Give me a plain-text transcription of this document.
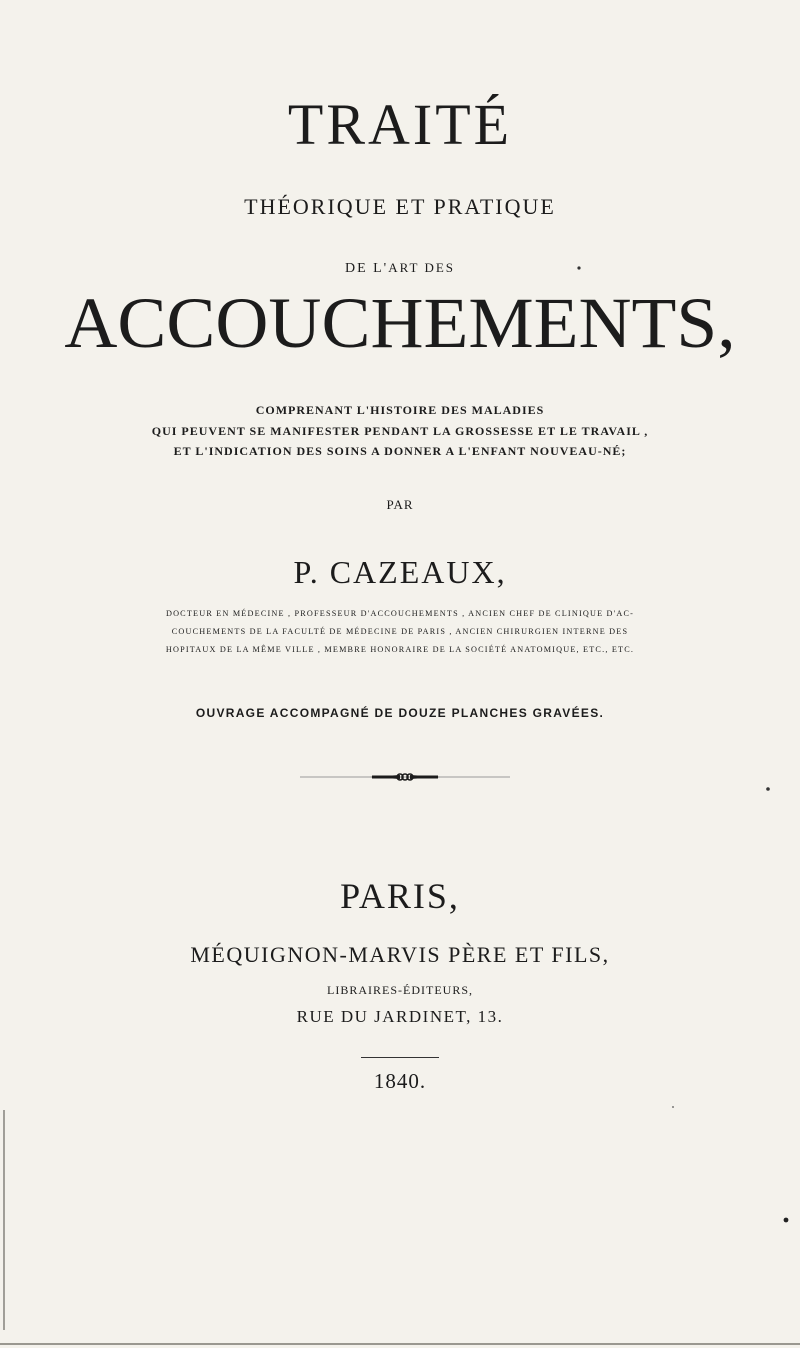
TRAITÉ
THÉORIQUE ET PRATIQUE
DE L'ART DES
ACCOUCHEMENTS,
COMPRENANT L'HISTOIRE DES MALADIES
QUI PEUVENT SE MANIFESTER PENDANT LA GROSSESSE ET LE TRAVAIL ,
ET L'INDICATION DES SOINS A DONNER A L'ENFANT NOUVEAU-NÉ;
PAR
P. CAZEAUX,
DOCTEUR EN MÉDECINE , PROFESSEUR D'ACCOUCHEMENTS , ANCIEN CHEF DE CLINIQUE D'AC-
COUCHEMENTS DE LA FACULTÉ DE MÉDECINE DE PARIS , ANCIEN CHIRURGIEN INTERNE DES
HOPITAUX DE LA MÊME VILLE , MEMBRE HONORAIRE DE LA SOCIÉTÉ ANATOMIQUE, ETC., ETC.
OUVRAGE ACCOMPAGNÉ DE DOUZE PLANCHES GRAVÉES.
PARIS,
MÉQUIGNON-MARVIS PÈRE ET FILS,
LIBRAIRES-ÉDITEURS,
RUE DU JARDINET, 13.
1840.
